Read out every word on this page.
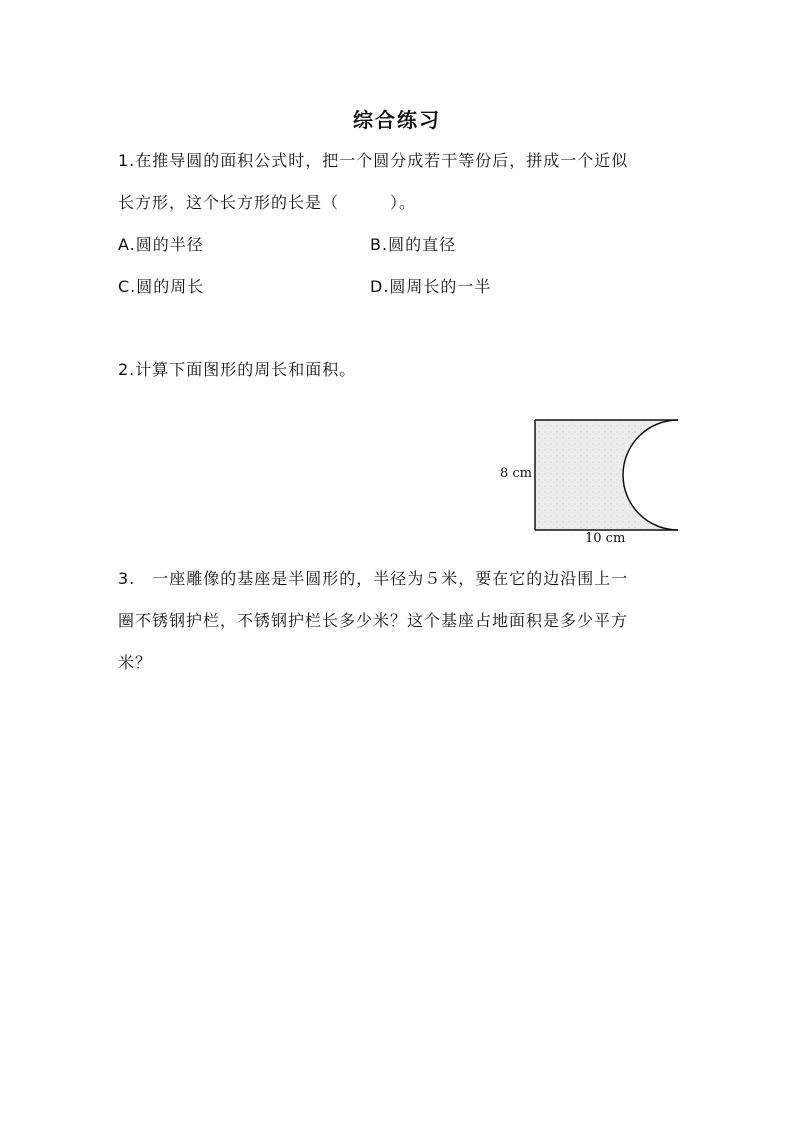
综合练习
1.在推导圆的面积公式时，把一个圆分成若干等份后，拼成一个近似
长方形，这个长方形的长是（　　　）。
A.圆的半径	B.圆的直径
C.圆的周长	D.圆周长的一半
2.计算下面图形的周长和面积。
8 cm
10 cm
3.　一座雕像的基座是半圆形的，半径为５米，要在它的边沿围上一
圈不锈钢护栏，不锈钢护栏长多少米？这个基座占地面积是多少平方
米？
